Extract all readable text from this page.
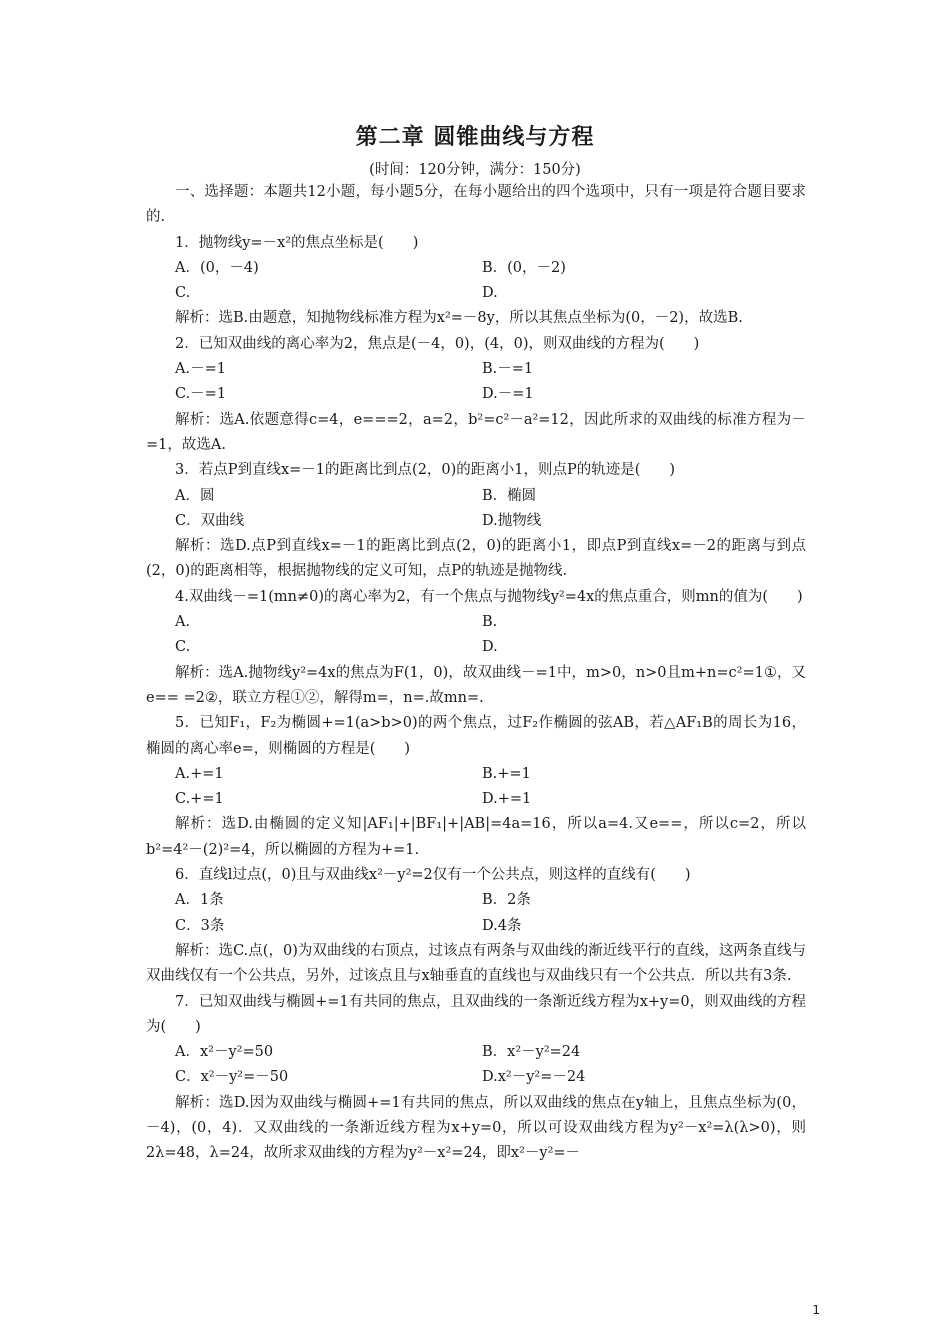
第二章 圆锥曲线与方程
(时间：120分钟，满分：150分)

一、选择题：本题共12小题，每小题5分，在每小题给出的四个选项中，只有一项是符合题目要求的.

1．抛物线y=－x²的焦点坐标是(　　)

A．(0，－4)	B．(0，－2)
C.	D.

解析：选B.由题意，知抛物线标准方程为x²=－8y，所以其焦点坐标为(0，－2)，故选B.

2．已知双曲线的离心率为2，焦点是(－4，0)，(4，0)，则双曲线的方程为(　　)

A.－=1	B.－=1
C.－=1	D.－=1

解析：选A.依题意得c=4，e===2，a=2，b²=c²－a²=12，因此所求的双曲线的标准方程为－=1，故选A.

3．若点P到直线x=－1的距离比到点(2，0)的距离小1，则点P的轨迹是(　　)

A．圆	B．椭圆
C．双曲线	D.抛物线

解析：选D.点P到直线x=－1的距离比到点(2，0)的距离小1，即点P到直线x=－2的距离与到点(2，0)的距离相等，根据抛物线的定义可知，点P的轨迹是抛物线.

4.双曲线－=1(mn≠0)的离心率为2，有一个焦点与抛物线y²=4x的焦点重合，则mn的值为(　　)

A.	B.
C.	D.

解析：选A.抛物线y²=4x的焦点为F(1，0)，故双曲线－=1中，m>0，n>0且m+n=c²=1①，又e== =2②，联立方程①②，解得m=，n=.故mn=.

5．已知F₁，F₂为椭圆+=1(a>b>0)的两个焦点，过F₂作椭圆的弦AB，若△AF₁B的周长为16，椭圆的离心率e=，则椭圆的方程是(　　)

A.+=1	B.+=1
C.+=1	D.+=1

解析：选D.由椭圆的定义知|AF₁|+|BF₁|+|AB|=4a=16，所以a=4.又e==，所以c=2，所以b²=4²－(2)²=4，所以椭圆的方程为+=1.

6．直线l过点(，0)且与双曲线x²－y²=2仅有一个公共点，则这样的直线有(　　)

A．1条	B．2条
C．3条	D.4条

解析：选C.点(，0)为双曲线的右顶点，过该点有两条与双曲线的渐近线平行的直线，这两条直线与双曲线仅有一个公共点，另外，过该点且与x轴垂直的直线也与双曲线只有一个公共点．所以共有3条.

7．已知双曲线与椭圆+=1有共同的焦点，且双曲线的一条渐近线方程为x+y=0，则双曲线的方程为(　　)

A．x²－y²=50	B．x²－y²=24
C．x²－y²=－50	D.x²－y²=－24

解析：选D.因为双曲线与椭圆+=1有共同的焦点，所以双曲线的焦点在y轴上，且焦点坐标为(0，－4)，(0，4)．又双曲线的一条渐近线方程为x+y=0，所以可设双曲线方程为y²－x²=λ(λ>0)，则2λ=48，λ=24，故所求双曲线的方程为y²－x²=24，即x²－y²=－

1
